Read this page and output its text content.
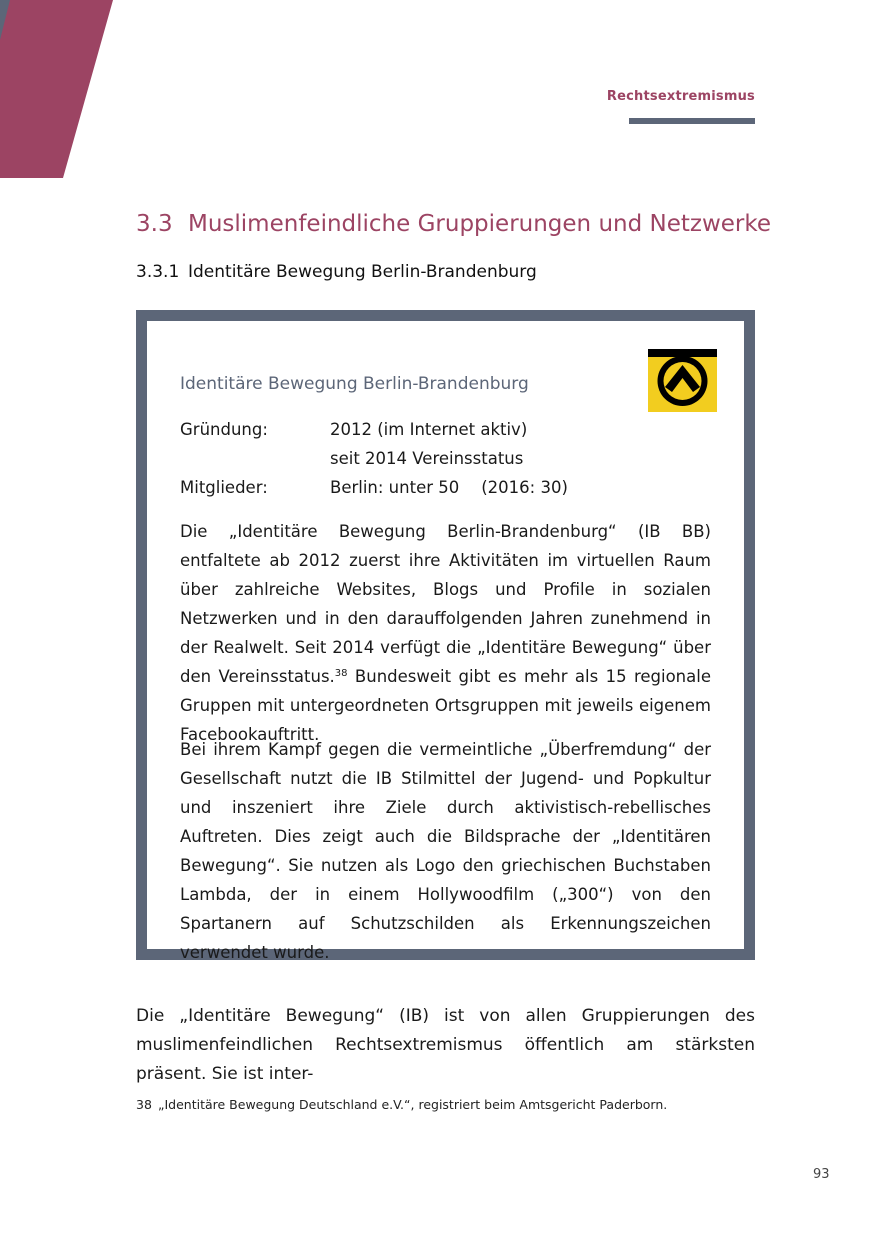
Rechtsextremismus
3.3 Muslimenfeindliche Gruppierungen und Netzwerke
3.3.1 Identitäre Bewegung Berlin-Brandenburg
Identitäre Bewegung Berlin-Brandenburg
Gründung:	2012 (im Internet aktiv)
seit 2014 Vereinsstatus
Mitglieder:	Berlin: unter 50 (2016: 30)

Die „Identitäre Bewegung Berlin-Brandenburg“ (IB BB) entfaltete ab 2012 zuerst ihre Aktivitäten im virtuellen Raum über zahlreiche Websites, Blogs und Profile in sozialen Netzwerken und in den darauffolgenden Jahren zunehmend in der Realwelt. Seit 2014 verfügt die „Identitäre Bewegung“ über den Vereinsstatus.$^{38}$ Bundesweit gibt es mehr als 15 regionale Gruppen mit untergeordneten Ortsgruppen mit jeweils eigenem Facebookauftritt.

Bei ihrem Kampf gegen die vermeintliche „Überfremdung“ der Gesellschaft nutzt die IB Stilmittel der Jugend- und Popkultur und inszeniert ihre Ziele durch aktivistisch-rebellisches Auftreten. Dies zeigt auch die Bildsprache der „Identitären Bewegung“. Sie nutzen als Logo den griechischen Buchstaben Lambda, der in einem Hollywoodfilm („300“) von den Spartanern auf Schutzschilden als Erkennungszeichen verwendet wurde.

Die „Identitäre Bewegung“ (IB) ist von allen Gruppierungen des muslimenfeindlichen Rechtsextremismus öffentlich am stärksten präsent. Sie ist inter-

38 „Identitäre Bewegung Deutschland e.V.“, registriert beim Amtsgericht Paderborn.
93
